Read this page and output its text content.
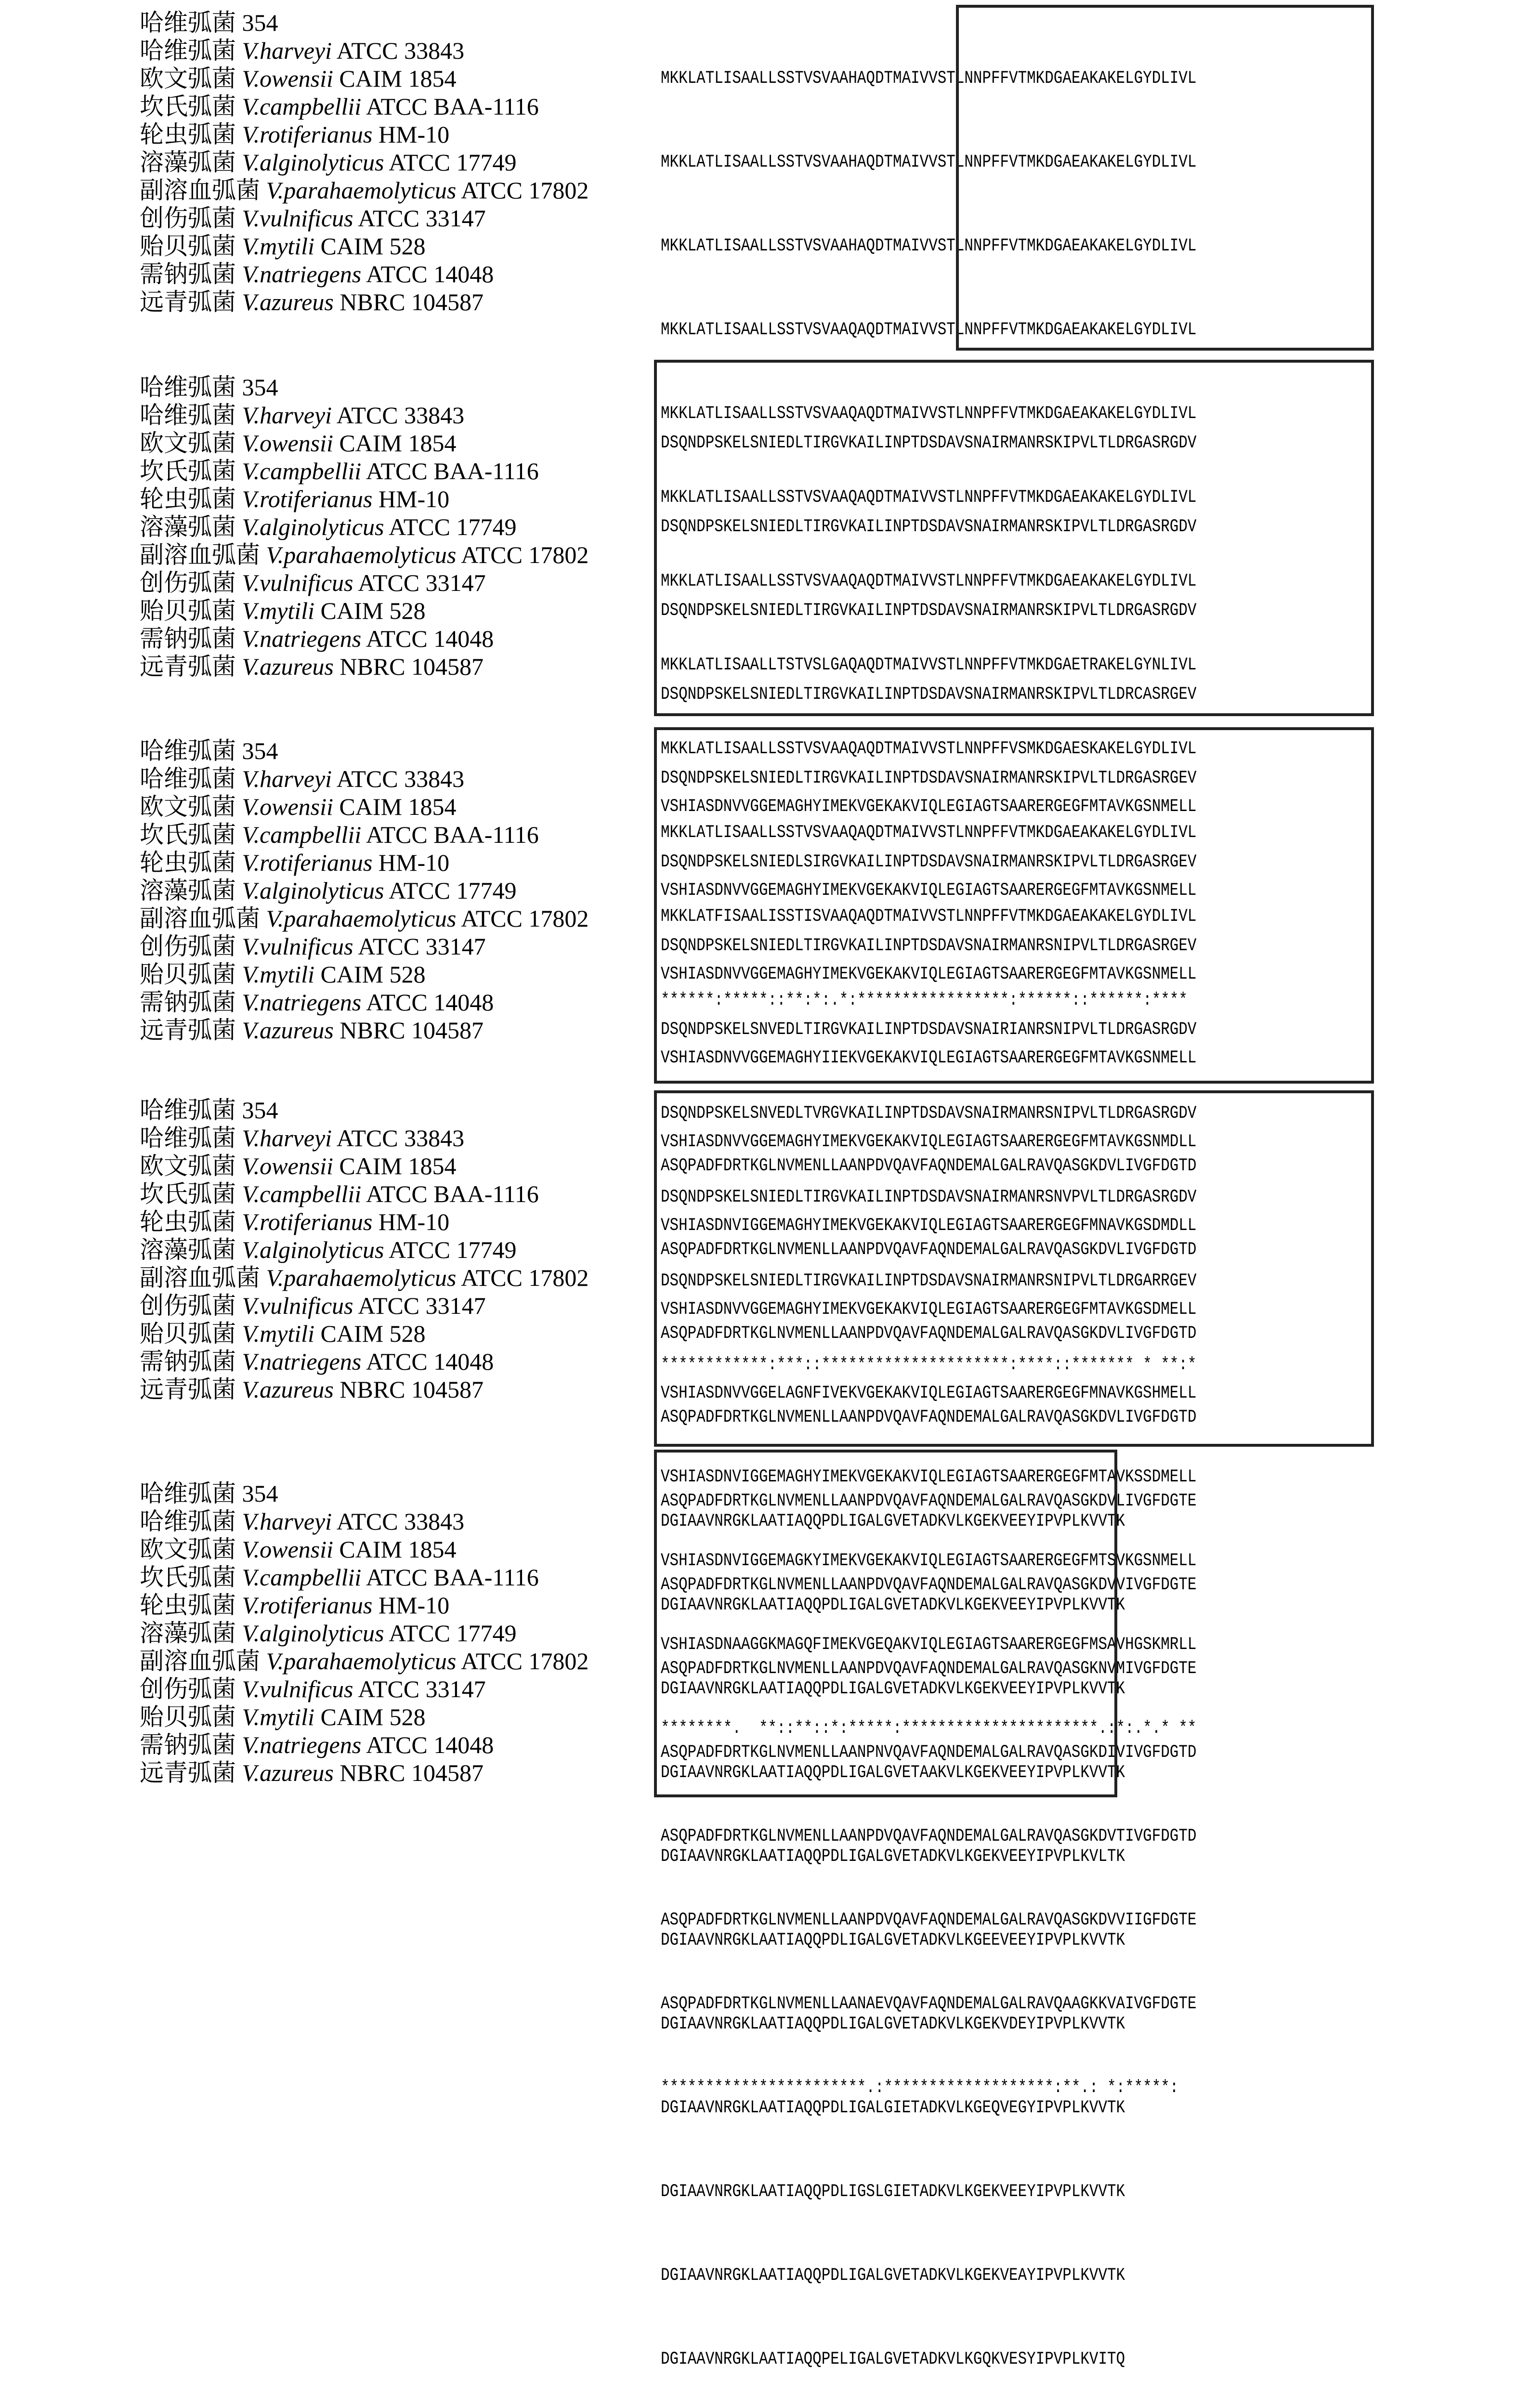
哈维弧菌 354
哈维弧菌 V.harveyi ATCC 33843
欧文弧菌 V.owensii CAIM 1854
坎氏弧菌 V.campbellii ATCC BAA-1116
轮虫弧菌 V.rotiferianus HM-10
溶藻弧菌 V.alginolyticus ATCC 17749
副溶血弧菌 V.parahaemolyticus ATCC 17802
创伤弧菌 V.vulnificus ATCC 33147
贻贝弧菌 V.mytili CAIM 528
需钠弧菌 V.natriegens ATCC 14048
远青弧菌 V.azureus NBRC 104587

MKKLATLISAALLSSTVSVAAHAQDTMAIVVSTLNNPFFVTMKDGAEAKAKELGYDLIVL

MKKLATLISAALLSSTVSVAAHAQDTMAIVVSTLNNPFFVTMKDGAEAKAKELGYDLIVL

MKKLATLISAALLSSTVSVAAHAQDTMAIVVSTLNNPFFVTMKDGAEAKAKELGYDLIVL

MKKLATLISAALLSSTVSVAAQAQDTMAIVVSTLNNPFFVTMKDGAEAKAKELGYDLIVL

MKKLATLISAALLSSTVSVAAQAQDTMAIVVSTLNNPFFVTMKDGAEAKAKELGYDLIVL

MKKLATLISAALLSSTVSVAAQAQDTMAIVVSTLNNPFFVTMKDGAEAKAKELGYDLIVL

MKKLATLISAALLSSTVSVAAQAQDTMAIVVSTLNNPFFVTMKDGAEAKAKELGYDLIVL

MKKLATLISAALLTSTVSLGAQAQDTMAIVVSTLNNPFFVTMKDGAETRAKELGYNLIVL

MKKLATLISAALLSSTVSVAAQAQDTMAIVVSTLNNPFFVSMKDGAESKAKELGYDLIVL

MKKLATLISAALLSSTVSVAAQAQDTMAIVVSTLNNPFFVTMKDGAEAKAKELGYDLIVL

MKKLATFISAALISSTISVAAQAQDTMAIVVSTLNNPFFVTMKDGAEAKAKELGYDLIVL

******:*****::**:*:.*:*****************:******::******:****

哈维弧菌 354
哈维弧菌 V.harveyi ATCC 33843
欧文弧菌 V.owensii CAIM 1854
坎氏弧菌 V.campbellii ATCC BAA-1116
轮虫弧菌 V.rotiferianus HM-10
溶藻弧菌 V.alginolyticus ATCC 17749
副溶血弧菌 V.parahaemolyticus ATCC 17802
创伤弧菌 V.vulnificus ATCC 33147
贻贝弧菌 V.mytili CAIM 528
需钠弧菌 V.natriegens ATCC 14048
远青弧菌 V.azureus NBRC 104587

DSQNDPSKELSNIEDLTIRGVKAILINPTDSDAVSNAIRMANRSKIPVLTLDRGASRGDV

DSQNDPSKELSNIEDLTIRGVKAILINPTDSDAVSNAIRMANRSKIPVLTLDRGASRGDV

DSQNDPSKELSNIEDLTIRGVKAILINPTDSDAVSNAIRMANRSKIPVLTLDRGASRGDV

DSQNDPSKELSNIEDLTIRGVKAILINPTDSDAVSNAIRMANRSKIPVLTLDRCASRGEV

DSQNDPSKELSNIEDLTIRGVKAILINPTDSDAVSNAIRMANRSKIPVLTLDRGASRGEV

DSQNDPSKELSNIEDLSIRGVKAILINPTDSDAVSNAIRMANRSKIPVLTLDRGASRGEV

DSQNDPSKELSNIEDLTIRGVKAILINPTDSDAVSNAIRMANRSNIPVLTLDRGASRGEV

DSQNDPSKELSNVEDLTIRGVKAILINPTDSDAVSNAIRIANRSNIPVLTLDRGASRGDV

DSQNDPSKELSNVEDLTVRGVKAILINPTDSDAVSNAIRMANRSNIPVLTLDRGASRGDV

DSQNDPSKELSNIEDLTIRGVKAILINPTDSDAVSNAIRMANRSNVPVLTLDRGASRGDV

DSQNDPSKELSNIEDLTIRGVKAILINPTDSDAVSNAIRMANRSNIPVLTLDRGARRGEV

************:***::*********************:****::******* * **:*

哈维弧菌 354
哈维弧菌 V.harveyi ATCC 33843
欧文弧菌 V.owensii CAIM 1854
坎氏弧菌 V.campbellii ATCC BAA-1116
轮虫弧菌 V.rotiferianus HM-10
溶藻弧菌 V.alginolyticus ATCC 17749
副溶血弧菌 V.parahaemolyticus ATCC 17802
创伤弧菌 V.vulnificus ATCC 33147
贻贝弧菌 V.mytili CAIM 528
需钠弧菌 V.natriegens ATCC 14048
远青弧菌 V.azureus NBRC 104587

VSHIASDNVVGGEMAGHYIMEKVGEKAKVIQLEGIAGTSAARERGEGFMTAVKGSNMELL

VSHIASDNVVGGEMAGHYIMEKVGEKAKVIQLEGIAGTSAARERGEGFMTAVKGSNMELL

VSHIASDNVVGGEMAGHYIMEKVGEKAKVIQLEGIAGTSAARERGEGFMTAVKGSNMELL

VSHIASDNVVGGEMAGHYIIEKVGEKAKVIQLEGIAGTSAARERGEGFMTAVKGSNMELL

VSHIASDNVVGGEMAGHYIMEKVGEKAKVIQLEGIAGTSAARERGEGFMTAVKGSNMDLL

VSHIASDNVIGGEMAGHYIMEKVGEKAKVIQLEGIAGTSAARERGEGFMNAVKGSDMDLL

VSHIASDNVVGGEMAGHYIMEKVGEKAKVIQLEGIAGTSAARERGEGFMTAVKGSDMELL

VSHIASDNVVGGELAGNFIVEKVGEKAKVIQLEGIAGTSAARERGEGFMNAVKGSHMELL

VSHIASDNVIGGEMAGHYIMEKVGEKAKVIQLEGIAGTSAARERGEGFMTAVKSSDMELL

VSHIASDNVIGGEMAGKYIMEKVGEKAKVIQLEGIAGTSAARERGEGFMTSVKGSNMELL

VSHIASDNAAGGKMAGQFIMEKVGEQAKVIQLEGIAGTSAARERGEGFMSAVHGSKMRLL

********.  **::**::*:*****:**********************.:*:.*.* **

哈维弧菌 354
哈维弧菌 V.harveyi ATCC 33843
欧文弧菌 V.owensii CAIM 1854
坎氏弧菌 V.campbellii ATCC BAA-1116
轮虫弧菌 V.rotiferianus HM-10
溶藻弧菌 V.alginolyticus ATCC 17749
副溶血弧菌 V.parahaemolyticus ATCC 17802
创伤弧菌 V.vulnificus ATCC 33147
贻贝弧菌 V.mytili CAIM 528
需钠弧菌 V.natriegens ATCC 14048
远青弧菌 V.azureus NBRC 104587

ASQPADFDRTKGLNVMENLLAANPDVQAVFAQNDEMALGALRAVQASGKDVLIVGFDGTD

ASQPADFDRTKGLNVMENLLAANPDVQAVFAQNDEMALGALRAVQASGKDVLIVGFDGTD

ASQPADFDRTKGLNVMENLLAANPDVQAVFAQNDEMALGALRAVQASGKDVLIVGFDGTD

ASQPADFDRTKGLNVMENLLAANPDVQAVFAQNDEMALGALRAVQASGKDVLIVGFDGTD

ASQPADFDRTKGLNVMENLLAANPDVQAVFAQNDEMALGALRAVQASGKDVLIVGFDGTE

ASQPADFDRTKGLNVMENLLAANPDVQAVFAQNDEMALGALRAVQASGKDVVIVGFDGTE

ASQPADFDRTKGLNVMENLLAANPDVQAVFAQNDEMALGALRAVQASGKNVMIVGFDGTE

ASQPADFDRTKGLNVMENLLAANPNVQAVFAQNDEMALGALRAVQASGKDIVIVGFDGTD

ASQPADFDRTKGLNVMENLLAANPDVQAVFAQNDEMALGALRAVQASGKDVTIVGFDGTD

ASQPADFDRTKGLNVMENLLAANPDVQAVFAQNDEMALGALRAVQASGKDVVIIGFDGTE

ASQPADFDRTKGLNVMENLLAANAEVQAVFAQNDEMALGALRAVQAAGKKVAIVGFDGTE

***********************.:*******************:**.: *:*****:

哈维弧菌 354
哈维弧菌 V.harveyi ATCC 33843
欧文弧菌 V.owensii CAIM 1854
坎氏弧菌 V.campbellii ATCC BAA-1116
轮虫弧菌 V.rotiferianus HM-10
溶藻弧菌 V.alginolyticus ATCC 17749
副溶血弧菌 V.parahaemolyticus ATCC 17802
创伤弧菌 V.vulnificus ATCC 33147
贻贝弧菌 V.mytili CAIM 528
需钠弧菌 V.natriegens ATCC 14048
远青弧菌 V.azureus NBRC 104587

DGIAAVNRGKLAATIAQQPDLIGALGVETADKVLKGEKVEEYIPVPLKVVTK

DGIAAVNRGKLAATIAQQPDLIGALGVETADKVLKGEKVEEYIPVPLKVVTK

DGIAAVNRGKLAATIAQQPDLIGALGVETADKVLKGEKVEEYIPVPLKVVTK

DGIAAVNRGKLAATIAQQPDLIGALGVETAAKVLKGEKVEEYIPVPLKVVTK

DGIAAVNRGKLAATIAQQPDLIGALGVETADKVLKGEKVEEYIPVPLKVLTK

DGIAAVNRGKLAATIAQQPDLIGALGVETADKVLKGEEVEEYIPVPLKVVTK

DGIAAVNRGKLAATIAQQPDLIGALGVETADKVLKGEKVDEYIPVPLKVVTK

DGIAAVNRGKLAATIAQQPDLIGALGIETADKVLKGEQVEGYIPVPLKVVTK

DGIAAVNRGKLAATIAQQPDLIGSLGIETADKVLKGEKVEEYIPVPLKVVTK

DGIAAVNRGKLAATIAQQPDLIGALGVETADKVLKGEKVEAYIPVPLKVVTK

DGIAAVNRGKLAATIAQQPELIGALGVETADKVLKGQKVESYIPVPLKVITQ
